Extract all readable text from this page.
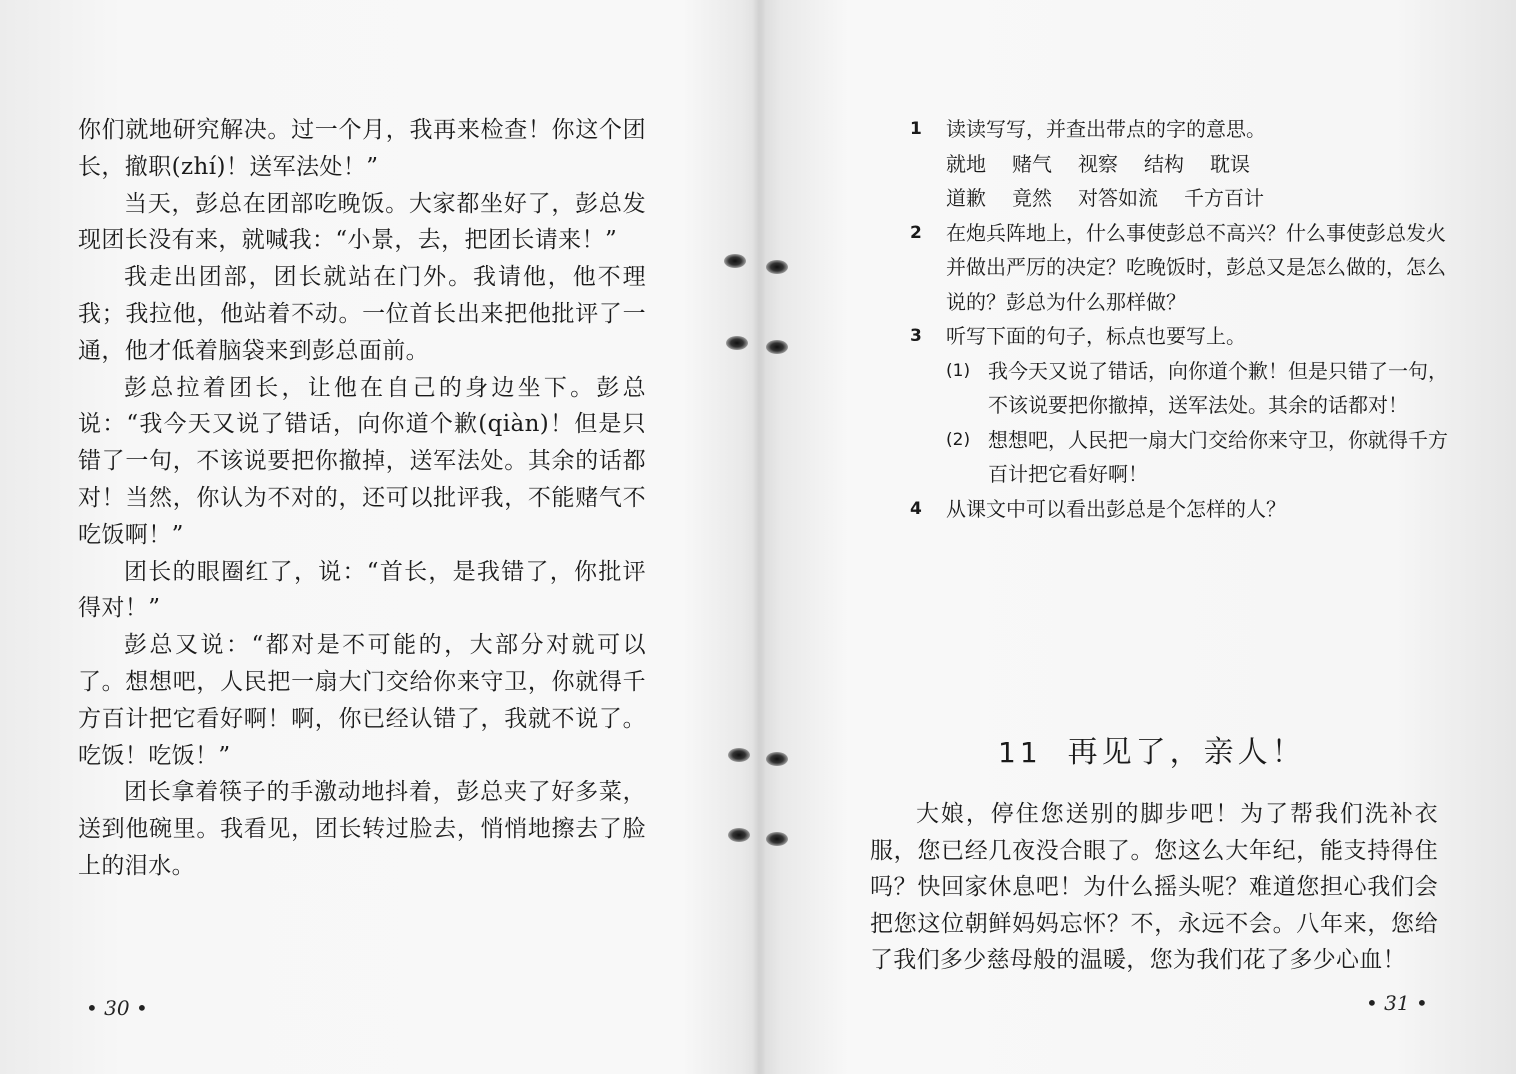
你们就地研究解决。过一个月，我再来检查！你这个团长，撤职(zhí)！送军法处！”

当天，彭总在团部吃晚饭。大家都坐好了，彭总发现团长没有来，就喊我：“小景，去，把团长请来！”

我走出团部，团长就站在门外。我请他，他不理我；我拉他，他站着不动。一位首长出来把他批评了一通，他才低着脑袋来到彭总面前。

彭总拉着团长，让他在自己的身边坐下。彭总说：“我今天又说了错话，向你道个歉(qiàn)！但是只错了一句，不该说要把你撤掉，送军法处。其余的话都对！当然，你认为不对的，还可以批评我，不能赌气不吃饭啊！”

团长的眼圈红了，说：“首长，是我错了，你批评得对！”

彭总又说：“都对是不可能的，大部分对就可以了。想想吧，人民把一扇大门交给你来守卫，你就得千方百计把它看好啊！啊，你已经认错了，我就不说了。吃饭！吃饭！”

团长拿着筷子的手激动地抖着，彭总夹了好多菜，送到他碗里。我看见，团长转过脸去，悄悄地擦去了脸上的泪水。

• 30 •
1	读读写写，并查出带点的字的意思。
就地 赌气 视察 结构 耽误
道歉 竟然 对答如流 千方百计
2	在炮兵阵地上，什么事使彭总不高兴？什么事使彭总发火并做出严厉的决定？吃晚饭时，彭总又是怎么做的，怎么说的？彭总为什么那样做？
3	听写下面的句子，标点也要写上。
(1) 我今天又说了错话，向你道个歉！但是只错了一句，不该说要把你撤掉，送军法处。其余的话都对！
(2) 想想吧，人民把一扇大门交给你来守卫，你就得千方百计把它看好啊！
4	从课文中可以看出彭总是个怎样的人？
11 再见了，亲人！

大娘，停住您送别的脚步吧！为了帮我们洗补衣服，您已经几夜没合眼了。您这么大年纪，能支持得住吗？快回家休息吧！为什么摇头呢？难道您担心我们会把您这位朝鲜妈妈忘怀？不，永远不会。八年来，您给了我们多少慈母般的温暖，您为我们花了多少心血！

• 31 •
